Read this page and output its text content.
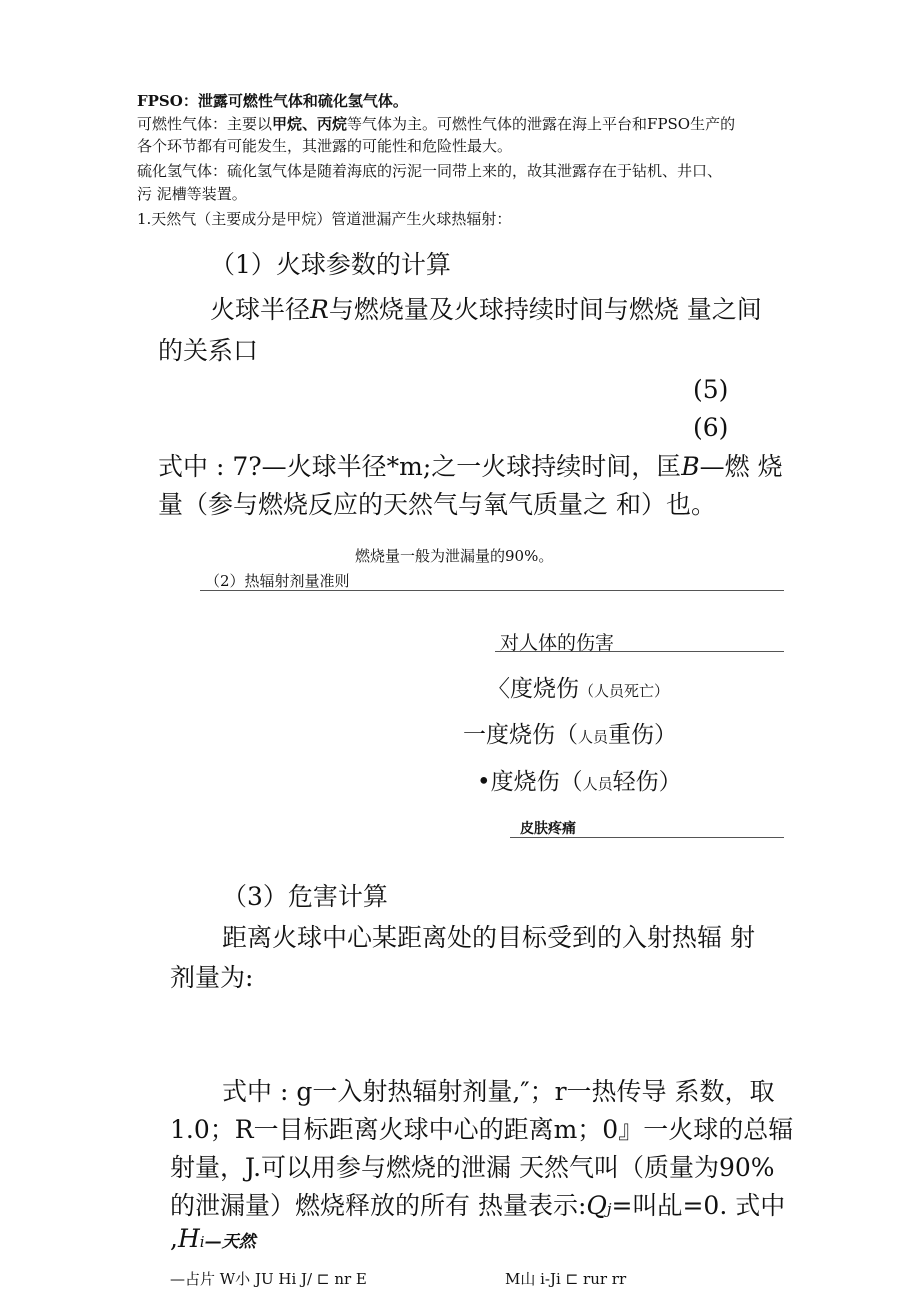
FPSO：泄露可燃性气体和硫化氢气体。
可燃性气体：主要以甲烷、丙烷等气体为主。可燃性气体的泄露在海上平台和FPSO生产的
各个环节都有可能发生，其泄露的可能性和危险性最大。
硫化氢气体：硫化氢气体是随着海底的污泥一同带上来的，故其泄露存在于钻机、井口、
污 泥槽等装置。
1.天然气（主要成分是甲烷）管道泄漏产生火球热辐射：
（1）火球参数的计算
火球半径R与燃烧量及火球持续时间与燃烧 量之间
的关系口
(5)
(6)
式中 : 7?—火球半径*m;之一火球持续时间，匡B—燃 烧
量（参与燃烧反应的天然气与氧气质量之 和）也。
燃烧量一般为泄漏量的90%。
（2）热辐射剂量准则
对人体的伤害
〈度烧伤（人员死亡）
一度烧伤（人员重伤）
•度烧伤（人员轻伤）
皮肤疼痛
（3）危害计算
距离火球中心某距离处的目标受到的入射热辐 射
剂量为:
式中 : g一入射热辐射剂量,″；r一热传导 系数，取
1.0；R一目标距离火球中心的距离m；0』一火球的总辐
射量，J.可以用参与燃烧的泄漏 天然气叫（质量为90%
的泄漏量）燃烧释放的所有 热量表示:Qj=叫乩=0. 式中
,Hi—天然
—占片 W小 JU Hi J/ ⊏ nr E	M山 i-Ji ⊏ rur rr
